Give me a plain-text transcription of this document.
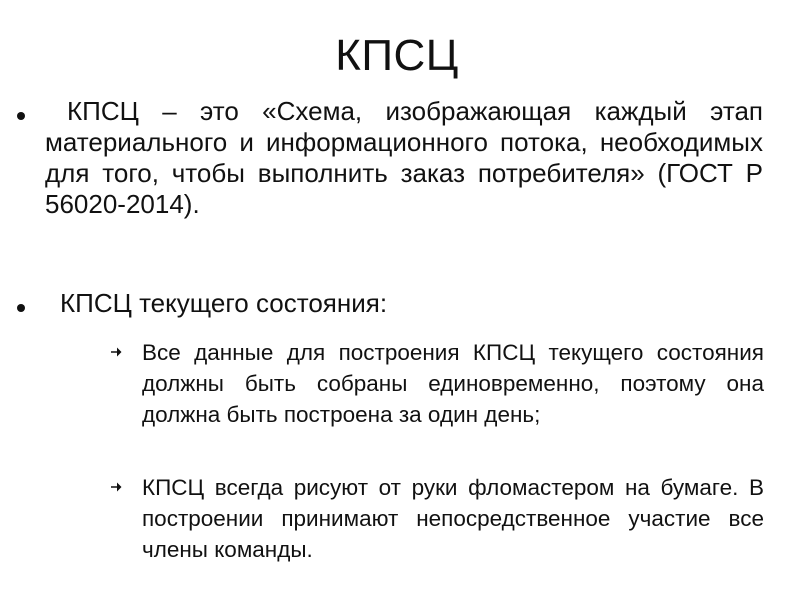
КПСЦ
КПСЦ – это «Схема, изображающая каждый этап материального и информационного потока, необходимых для того, чтобы выполнить заказ потребителя» (ГОСТ Р 56020-2014).
КПСЦ текущего состояния:
Все данные для построения КПСЦ текущего состояния должны быть собраны единовременно, поэтому она должна быть построена за один день;
КПСЦ всегда рисуют от руки фломастером на бумаге. В построении принимают непосредственное участие все члены команды.
